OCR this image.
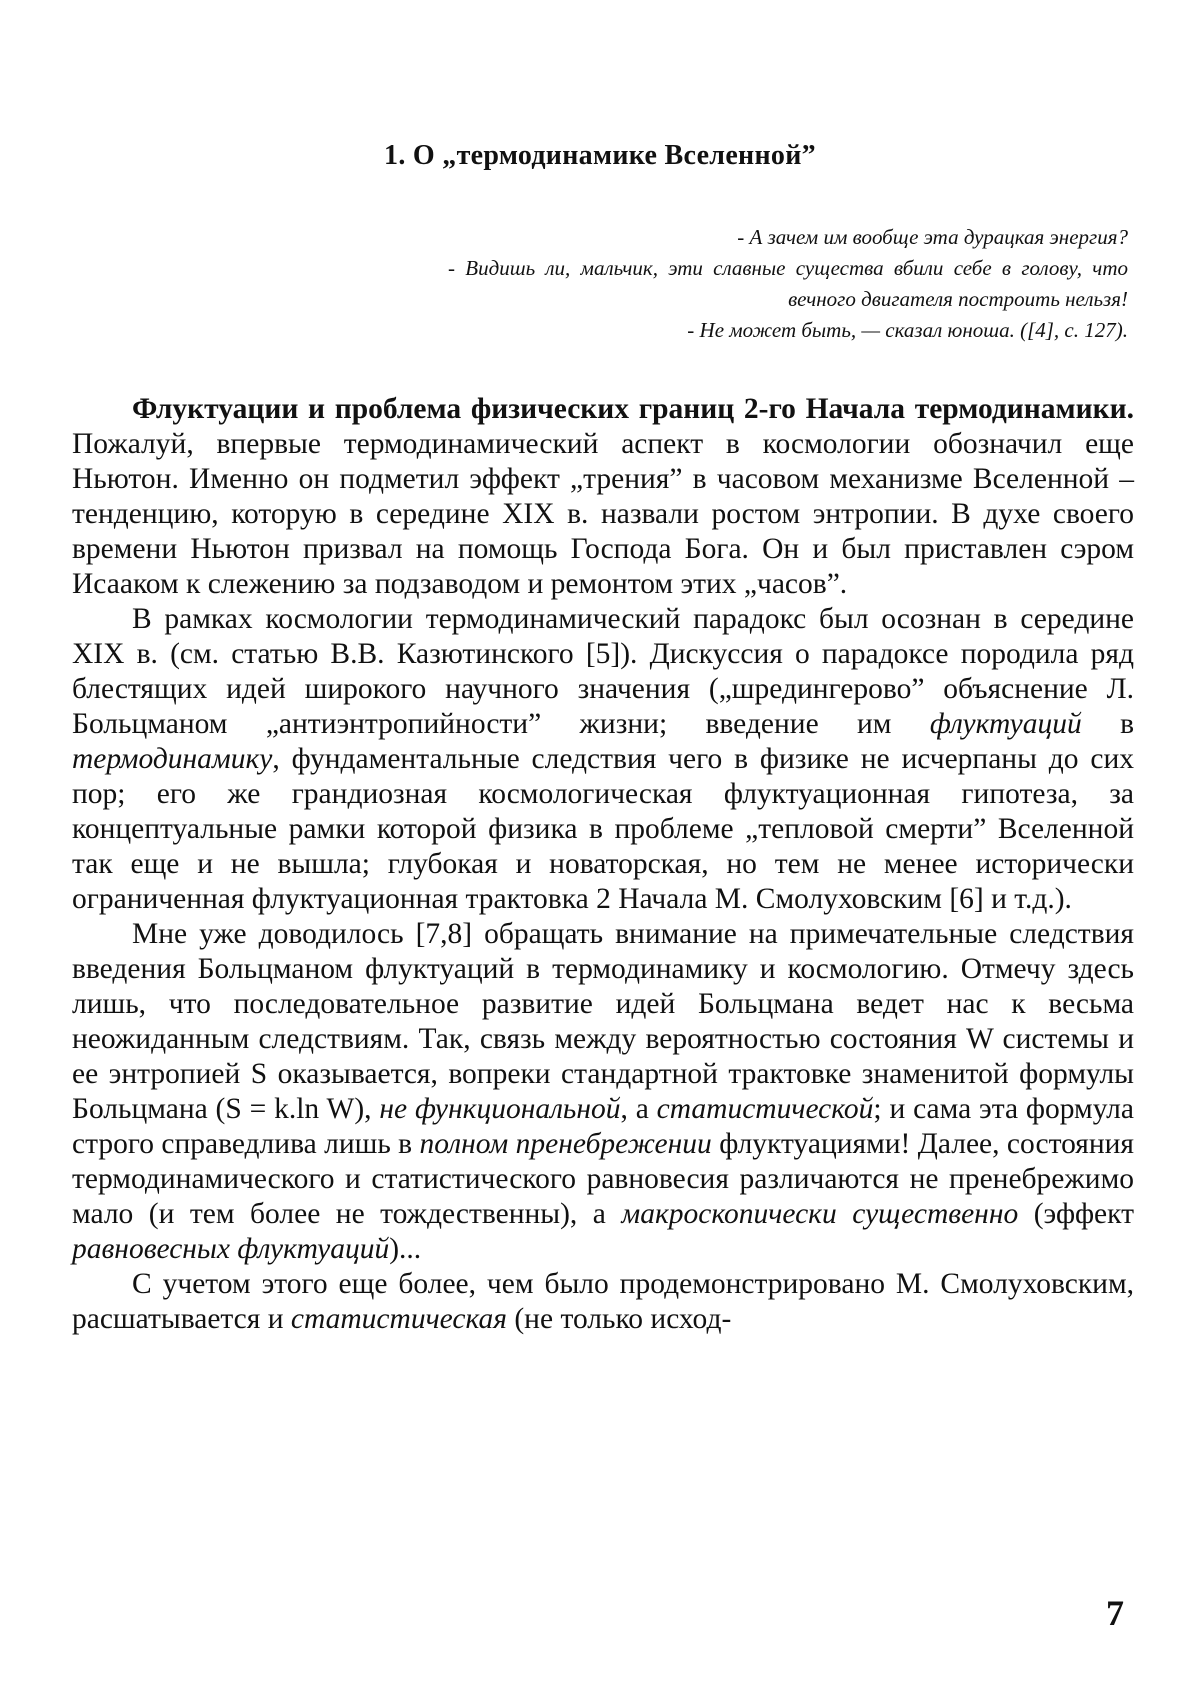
1. О „термодинамике Вселенной”

- А зачем им вообще эта дурацкая энергия?

- Видишь ли, мальчик, эти славные существа вбили себе в голову, что вечного двигателя построить нельзя!

- Не может быть, — сказал юноша. ([4], с. 127).

Флуктуации и проблема физических границ 2-го Начала термодинамики. Пожалуй, впервые термодинамический аспект в космологии обозначил еще Ньютон. Именно он подметил эффект „трения” в часовом механизме Вселенной – тенденцию, которую в середине XIX в. назвали ростом энтропии. В духе своего времени Ньютон призвал на помощь Господа Бога. Он и был приставлен сэром Исааком к слежению за подзаводом и ремонтом этих „часов”.

В рамках космологии термодинамический парадокс был осознан в середине XIX в. (см. статью В.В. Казютинского [5]). Дискуссия о парадоксе породила ряд блестящих идей широкого научного значения („шредингерово” объяснение Л. Больцманом „антиэнтропийности” жизни; введение им флуктуаций в термодинамику, фундаментальные следствия чего в физике не исчерпаны до сих пор; его же грандиозная космологическая флуктуационная гипотеза, за концептуальные рамки которой физика в проблеме „тепловой смерти” Вселенной так еще и не вышла; глубокая и новаторская, но тем не менее исторически ограниченная флуктуационная трактовка 2 Начала М. Смолуховским [6] и т.д.).

Мне уже доводилось [7,8] обращать внимание на примечательные следствия введения Больцманом флуктуаций в термодинамику и космологию. Отмечу здесь лишь, что последовательное развитие идей Больцмана ведет нас к весьма неожиданным следствиям. Так, связь между вероятностью состояния W системы и ее энтропией S оказывается, вопреки стандартной трактовке знаменитой формулы Больцмана (S = k.ln W), не функциональной, а статистической; и сама эта формула строго справедлива лишь в полном пренебрежении флуктуациями! Далее, состояния термодинамического и статистического равновесия различаются не пренебрежимо мало (и тем более не тождественны), а макроскопически существенно (эффект равновесных флуктуаций)...

С учетом этого еще более, чем было продемонстрировано М. Смолуховским, расшатывается и статистическая (не только исход-

7
